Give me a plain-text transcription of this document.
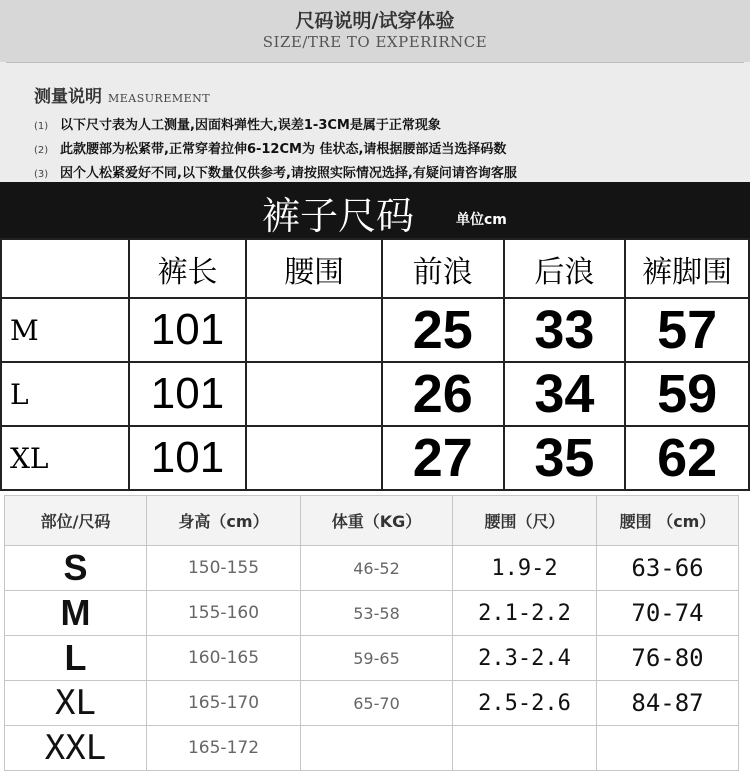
尺码说明/试穿体验
SIZE/TRE TO EXPERIRNCE
测量说明 MEASUREMENT
(1) 以下尺寸表为人工测量,因面料弹性大,误差1-3CM是属于正常现象
(2) 此款腰部为松紧带,正常穿着拉伸6-12CM为 佳状态,请根据腰部适当选择码数
(3) 因个人松紧爱好不同,以下数量仅供参考,请按照实际情况选择,有疑问请咨询客服
裤子尺码	单位cm
	裤长	腰围	前浪	后浪	裤脚围
M	101		25	33	57
L	101		26	34	59
XL	101		27	35	62
部位/尺码	身高（cm）	体重（KG）	腰围（尺）	腰围 （cm）
S	150-155	46-52	1.9-2	63-66
M	155-160	53-58	2.1-2.2	70-74
L	160-165	59-65	2.3-2.4	76-80
XL	165-170	65-70	2.5-2.6	84-87
XXL	165-172			
